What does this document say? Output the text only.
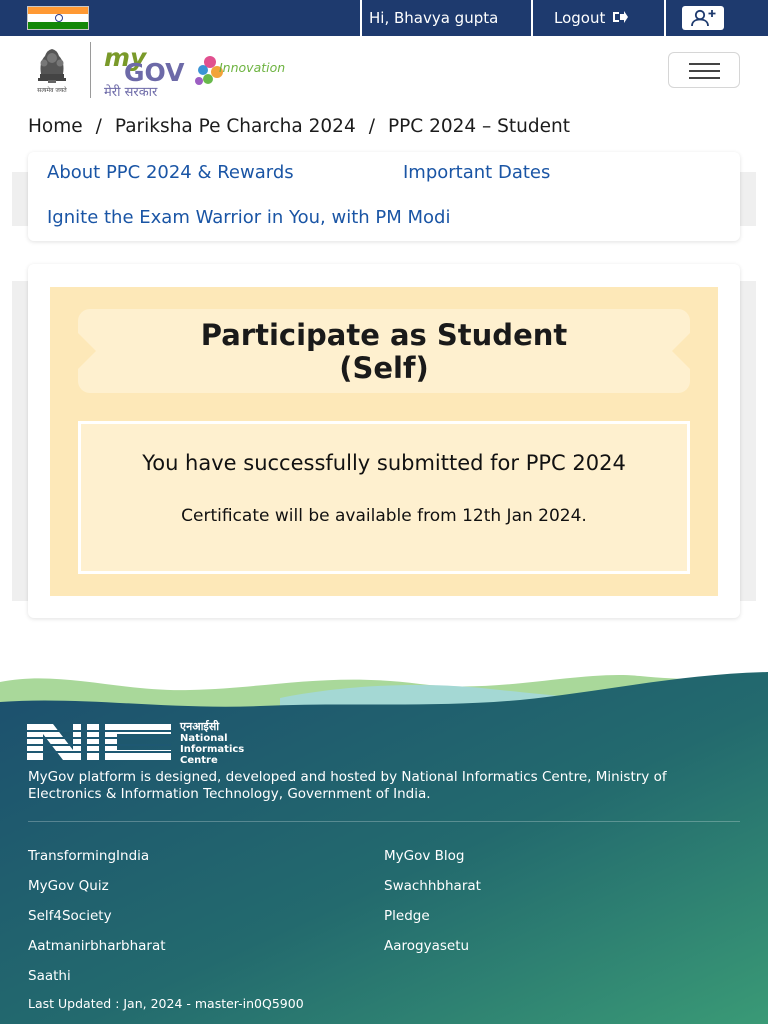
Hi, Bhavya gupta	Logout
सत्यमेव जयते
my
GOV
मेरी सरकार
Innovation
Home / Pariksha Pe Charcha 2024 / PPC 2024 – Student
About PPC 2024 & Rewards	Important Dates
Ignite the Exam Warrior in You, with PM Modi
Participate as Student
(Self)
You have successfully submitted for PPC 2024
Certificate will be available from 12th Jan 2024.
एनआईसी
National
Informatics
Centre
MyGov platform is designed, developed and hosted by National Informatics Centre, Ministry of Electronics & Information Technology, Government of India.
TransformingIndia
MyGov Quiz
Self4Society
Aatmanirbharbharat
Saathi
MyGov Blog
Swachhbharat
Pledge
Aarogyasetu
Last Updated : Jan, 2024 - master-in0Q5900
